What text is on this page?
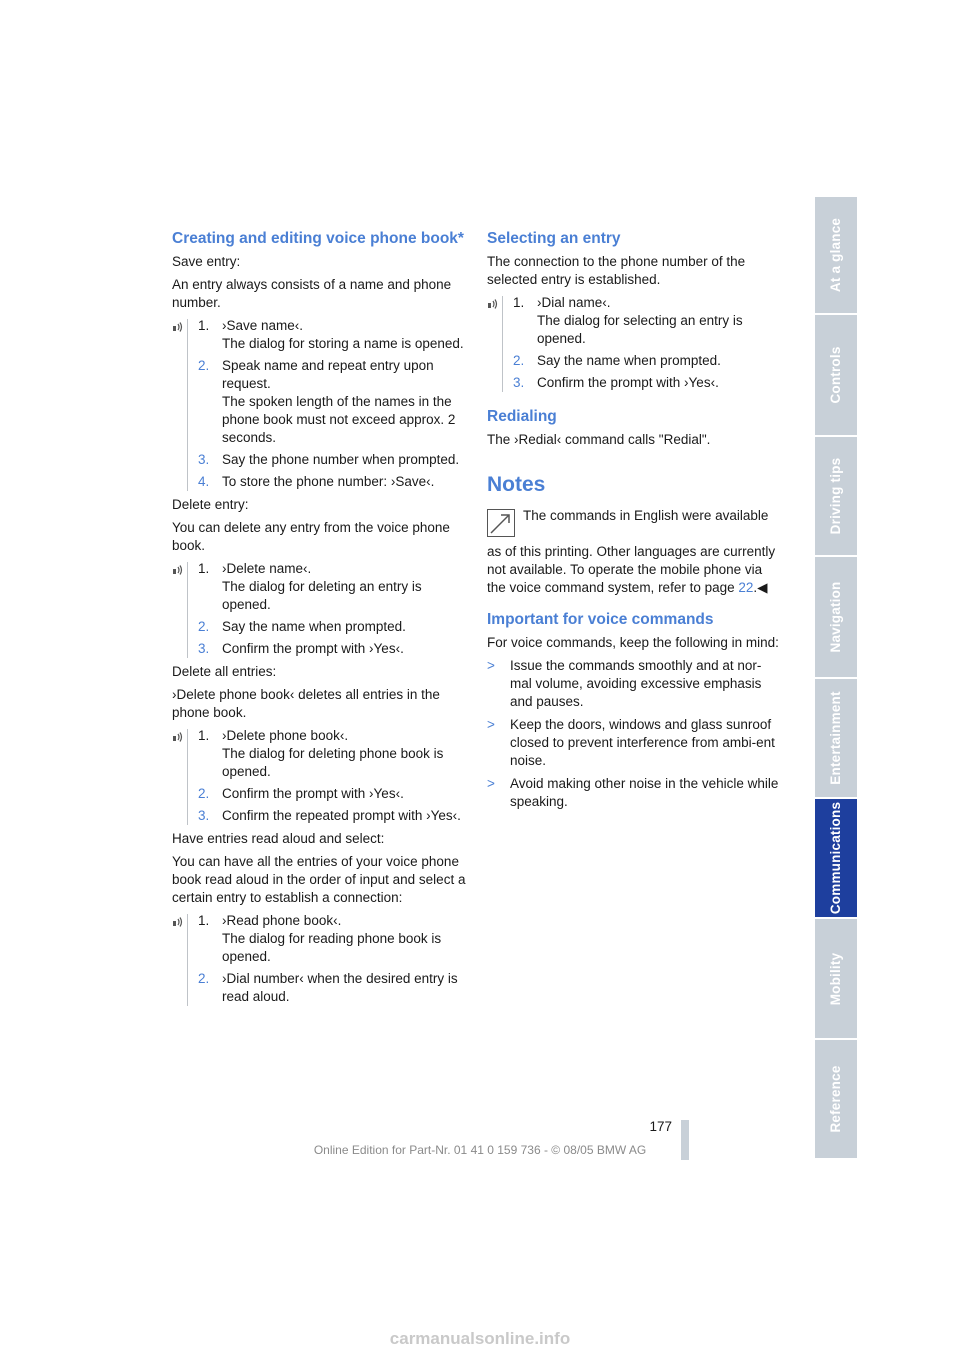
Creating and editing voice phone book*

Save entry:

An entry always consists of a name and phone number.

1. ›Save name‹.
The dialog for storing a name is opened.
2. Speak name and repeat entry upon request.
The spoken length of the names in the phone book must not exceed approx. 2 seconds.
3. Say the phone number when prompted.
4. To store the phone number: ›Save‹.

Delete entry:

You can delete any entry from the voice phone book.

1. ›Delete name‹.
The dialog for deleting an entry is opened.
2. Say the name when prompted.
3. Confirm the prompt with ›Yes‹.

Delete all entries:

›Delete phone book‹ deletes all entries in the phone book.

1. ›Delete phone book‹.
The dialog for deleting phone book is opened.
2. Confirm the prompt with ›Yes‹.
3. Confirm the repeated prompt with ›Yes‹.

Have entries read aloud and select:

You can have all the entries of your voice phone book read aloud in the order of input and select a certain entry to establish a connection:

1. ›Read phone book‹.
The dialog for reading phone book is opened.
2. ›Dial number‹ when the desired entry is read aloud.
Selecting an entry

The connection to the phone number of the selected entry is established.

1. ›Dial name‹.
The dialog for selecting an entry is opened.
2. Say the name when prompted.
3. Confirm the prompt with ›Yes‹.
Redialing

The ›Redial‹ command calls "Redial".

Notes

The commands in English were available

as of this printing. Other languages are currently not available. To operate the mobile phone via the voice command system, refer to page 22.◀

Important for voice commands

For voice commands, keep the following in mind:

> Issue the commands smoothly and at nor-mal volume, avoiding excessive emphasis and pauses.
> Keep the doors, windows and glass sunroof closed to prevent interference from ambi-ent noise.
> Avoid making other noise in the vehicle while speaking.
177
Online Edition for Part-Nr. 01 41 0 159 736 - © 08/05 BMW AG
carmanualsonline.info
At a glance
Controls
Driving tips
Navigation
Entertainment
Communications
Mobility
Reference
